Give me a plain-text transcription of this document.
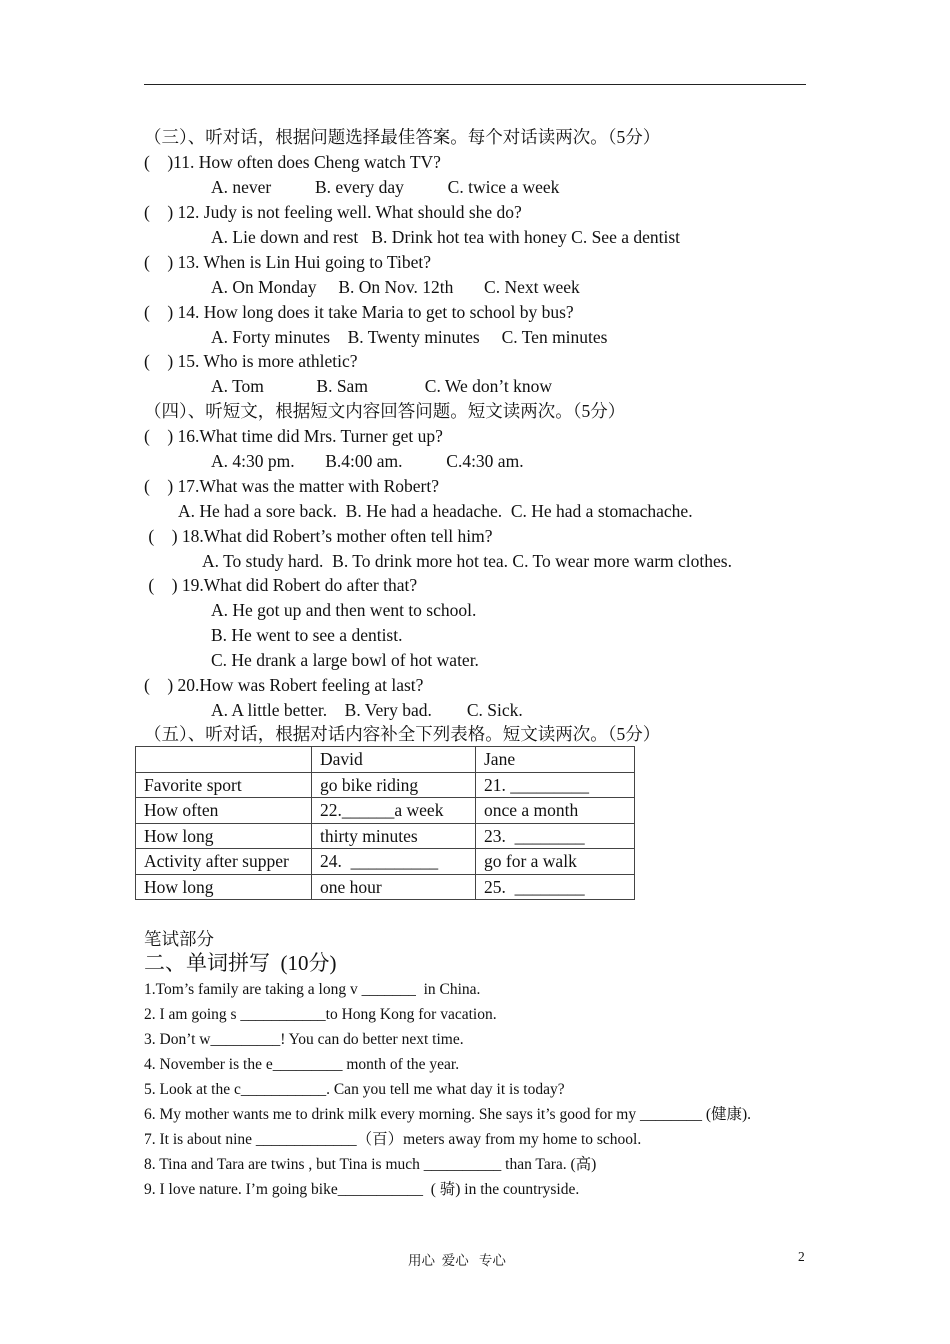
（三）、听对话，根据问题选择最佳答案。每个对话读两次。（5分）
(    )11. How often does Cheng watch TV?
A. never          B. every day          C. twice a week
(    ) 12. Judy is not feeling well. What should she do?
A. Lie down and rest   B. Drink hot tea with honey C. See a dentist
(    ) 13. When is Lin Hui going to Tibet?
A. On Monday     B. On Nov. 12th       C. Next week
(    ) 14. How long does it take Maria to get to school by bus?
A. Forty minutes    B. Twenty minutes     C. Ten minutes
(    ) 15. Who is more athletic?
A. Tom            B. Sam             C. We don’t know
（四）、听短文，根据短文内容回答问题。短文读两次。（5分）
(    ) 16.What time did Mrs. Turner get up?
A. 4:30 pm.       B.4:00 am.          C.4:30 am.
(    ) 17.What was the matter with Robert?
A. He had a sore back.  B. He had a headache.  C. He had a stomachache.
(    ) 18.What did Robert’s mother often tell him?
A. To study hard.  B. To drink more hot tea. C. To wear more warm clothes.
(    ) 19.What did Robert do after that?
A. He got up and then went to school.
B. He went to see a dentist.
C. He drank a large bowl of hot water.
(    ) 20.How was Robert feeling at last?
A. A little better.    B. Very bad.        C. Sick.
（五）、听对话，根据对话内容补全下列表格。短文读两次。（5分）
	David	Jane
Favorite sport	go bike riding	21. _________
How often	22.______a week	once a month
How long	thirty minutes	23.  ________
Activity after supper	24.  __________	go for a walk
How long	one hour	25.  ________
笔试部分
二、单词拼写  (10分)
1.Tom’s family are taking a long v _______  in China.
2. I am going s ___________to Hong Kong for vacation.
3. Don’t w_________! You can do better next time.
4. November is the e_________ month of the year.
5. Look at the c___________. Can you tell me what day it is today?
6. My mother wants me to drink milk every morning. She says it’s good for my ________ (健康).
7. It is about nine _____________（百）meters away from my home to school.
8. Tina and Tara are twins , but Tina is much __________ than Tara. (高)
9. I love nature. I’m going bike___________  ( 骑) in the countryside.
用心  爱心   专心	2
